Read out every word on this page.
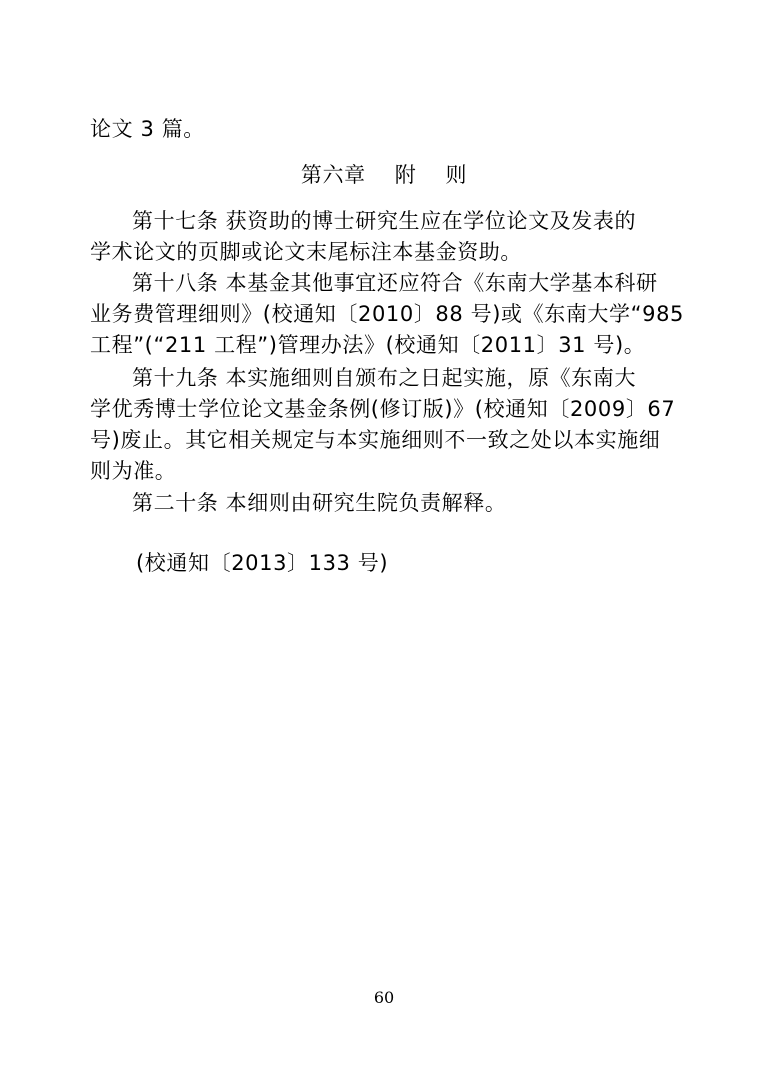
论文 3 篇。
第六章    附    则
第十七条 获资助的博士研究生应在学位论文及发表的
学术论文的页脚或论文末尾标注本基金资助。
第十八条 本基金其他事宜还应符合《东南大学基本科研
业务费管理细则》(校通知〔2010〕88 号)或《东南大学“985
工程”(“211 工程”)管理办法》(校通知〔2011〕31 号)。
第十九条 本实施细则自颁布之日起实施，原《东南大
学优秀博士学位论文基金条例(修订版)》(校通知〔2009〕67
号)废止。其它相关规定与本实施细则不一致之处以本实施细
则为准。
第二十条 本细则由研究生院负责解释。
(校通知〔2013〕133 号)
60
